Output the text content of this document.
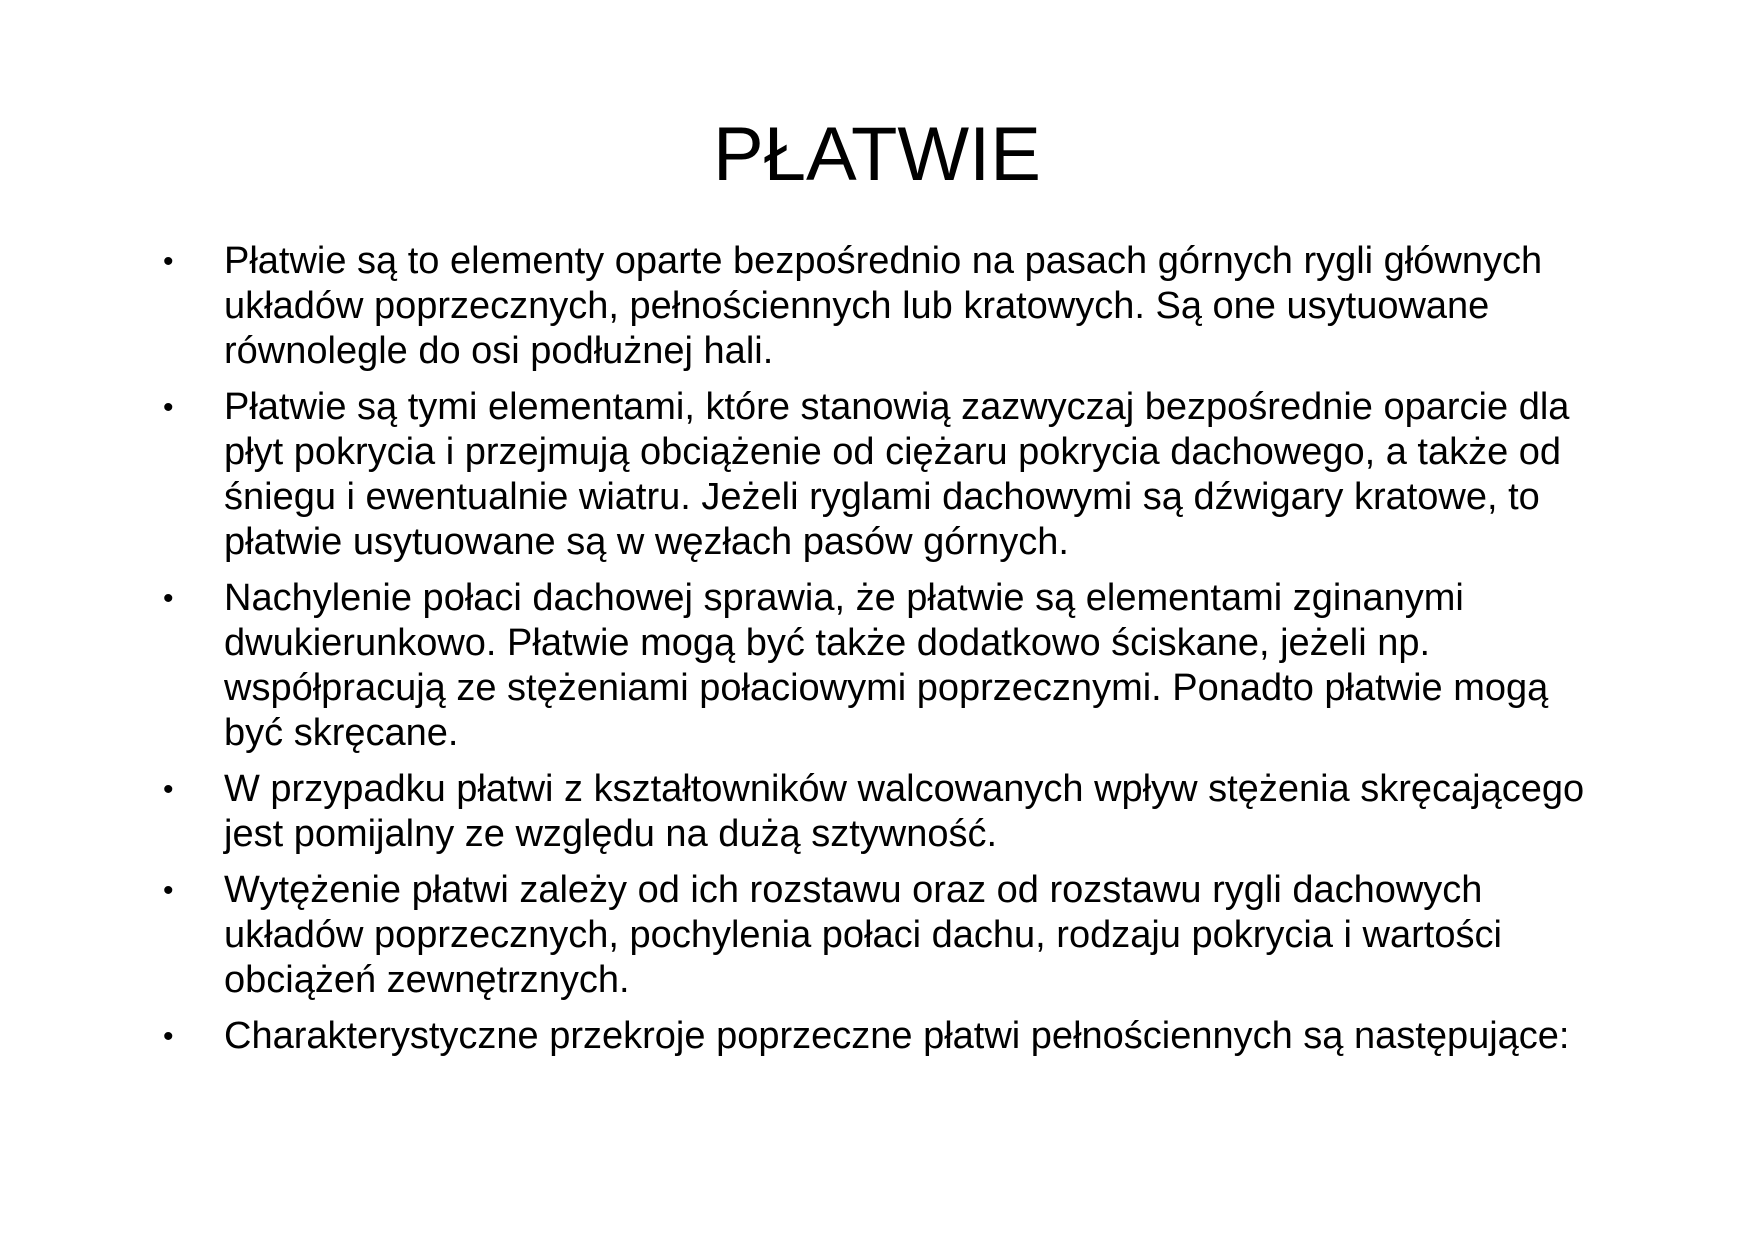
PŁATWIE
•	Płatwie są to elementy oparte bezpośrednio na pasach górnych rygli głównych układów poprzecznych, pełnościennych lub kratowych. Są one usytuowane równolegle do osi podłużnej hali.
•	Płatwie są tymi elementami, które stanowią zazwyczaj bezpośrednie oparcie dla płyt pokrycia i przejmują obciążenie od ciężaru pokrycia dachowego, a także od śniegu i ewentualnie wiatru. Jeżeli ryglami dachowymi są dźwigary kratowe, to płatwie usytuowane są w węzłach pasów górnych.
•	Nachylenie połaci dachowej sprawia, że płatwie są elementami zginanymi dwukierunkowo. Płatwie mogą być także dodatkowo ściskane, jeżeli np. współpracują ze stężeniami połaciowymi poprzecznymi. Ponadto płatwie mogą być skręcane.
•	W przypadku płatwi z kształtowników walcowanych wpływ stężenia skręcającego jest pomijalny ze względu na dużą sztywność.
•	Wytężenie płatwi zależy od ich rozstawu oraz od rozstawu rygli dachowych układów poprzecznych, pochylenia połaci dachu, rodzaju pokrycia i wartości obciążeń zewnętrznych.
•	Charakterystyczne przekroje poprzeczne płatwi pełnościennych są następujące:
